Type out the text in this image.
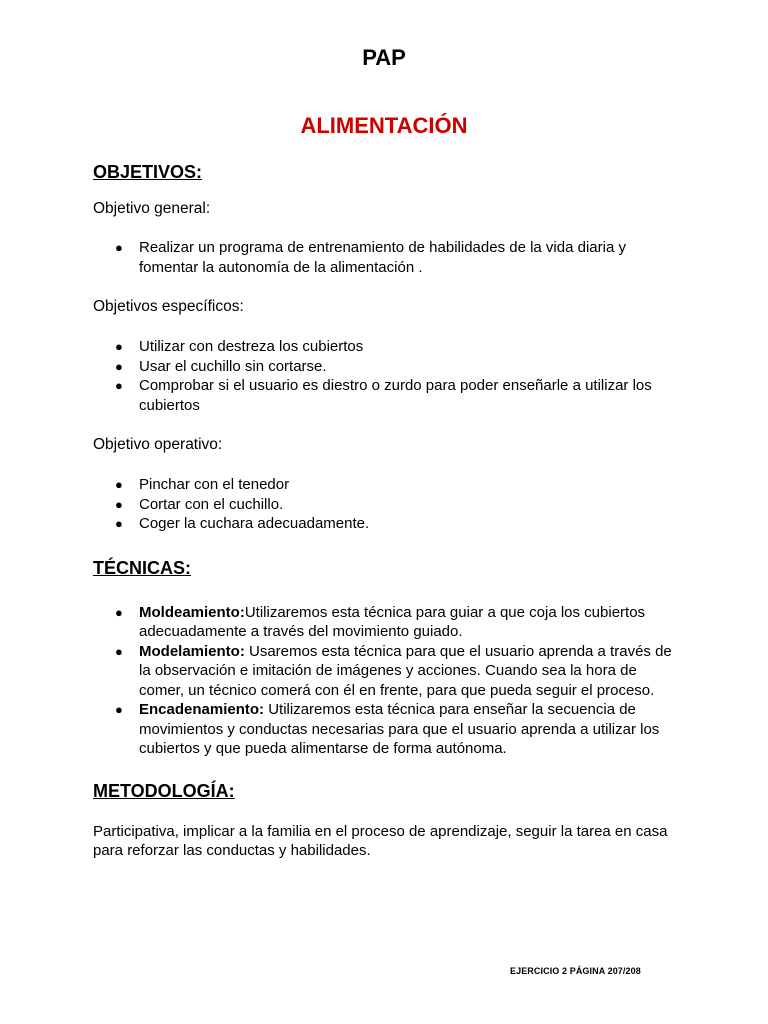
PAP
ALIMENTACIÓN

OBJETIVOS:

Objetivo general:

● Realizar un programa de entrenamiento de habilidades de la vida diaria y fomentar la autonomía de la alimentación .

Objetivos específicos:

● Utilizar con destreza los cubiertos
● Usar el cuchillo sin cortarse.
● Comprobar si el usuario es diestro o zurdo para poder enseñarle a utilizar los cubiertos

Objetivo operativo:

● Pinchar con el tenedor
● Cortar con el cuchillo.
● Coger la cuchara adecuadamente.

TÉCNICAS:

● Moldeamiento:Utilizaremos esta técnica para guiar a que coja los cubiertos adecuadamente a través del movimiento guiado.
● Modelamiento: Usaremos esta técnica para que el usuario aprenda a través de la observación e imitación de imágenes y acciones. Cuando sea la hora de comer, un técnico comerá con él en frente, para que pueda seguir el proceso.
● Encadenamiento: Utilizaremos esta técnica para enseñar la secuencia de movimientos y conductas necesarias para que el usuario aprenda a utilizar los cubiertos y que pueda alimentarse de forma autónoma.

METODOLOGÍA:

Participativa, implicar a la familia en el proceso de aprendizaje, seguir la tarea en casa para reforzar las conductas y habilidades.

EJERCICIO 2 PÁGINA 207/208
